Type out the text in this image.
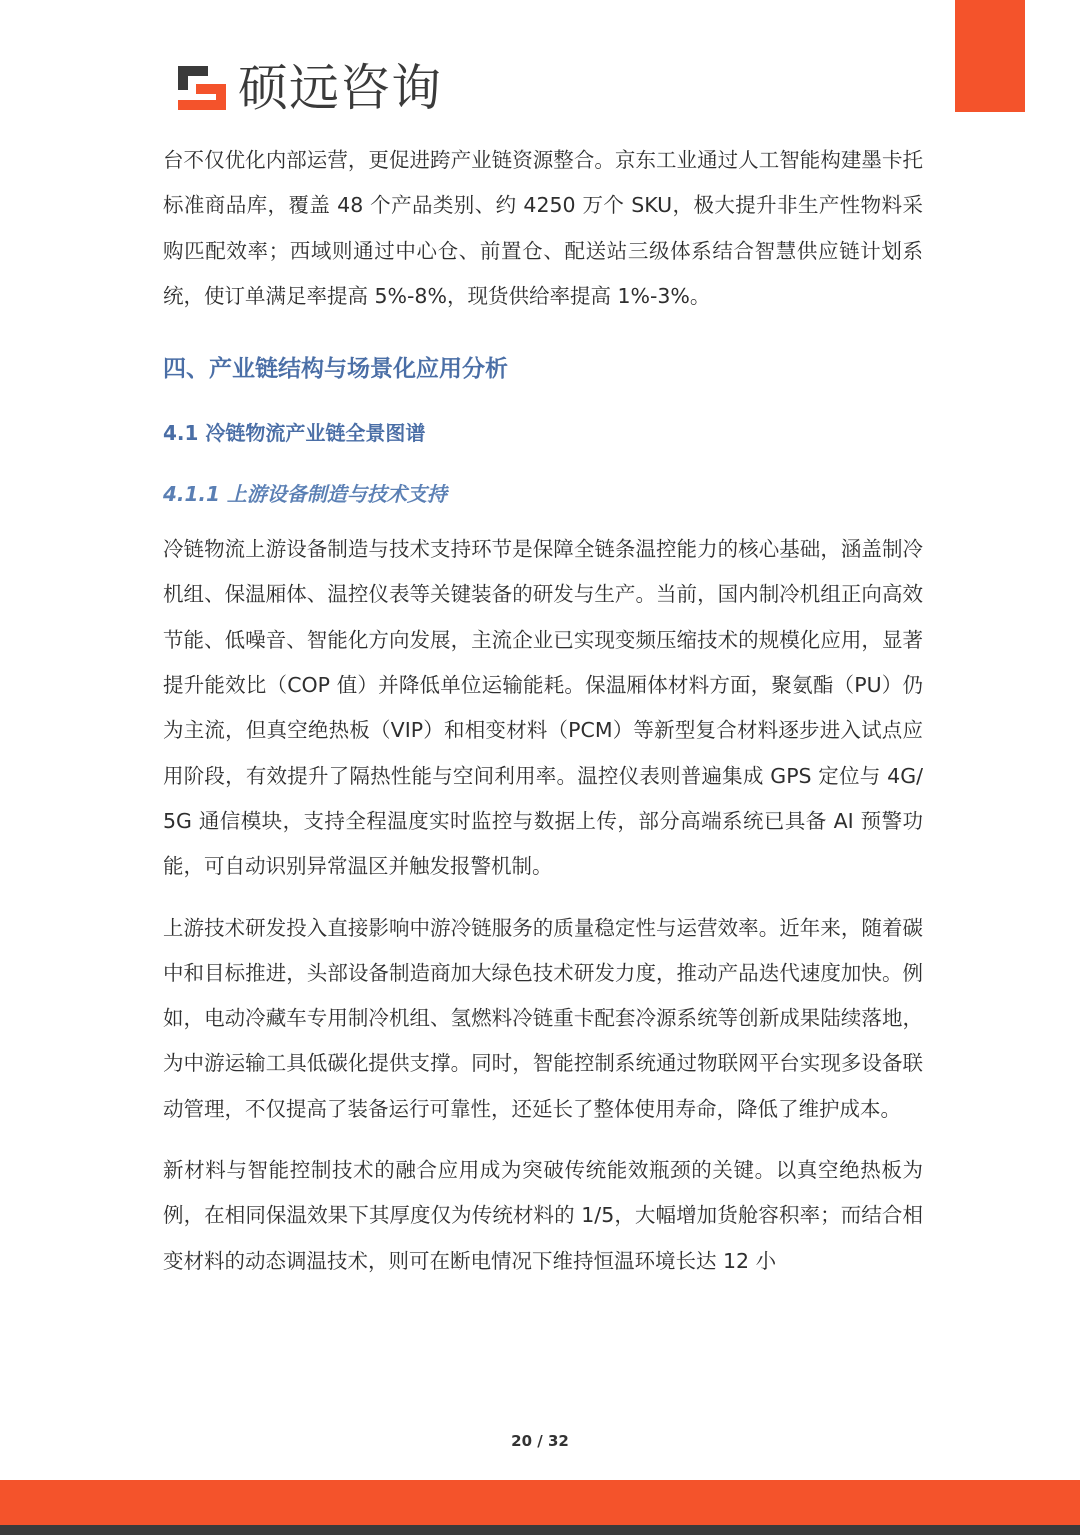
硕远咨询

台不仅优化内部运营，更促进跨产业链资源整合。京东工业通过人工智能构建墨卡托标准商品库，覆盖 48 个产品类别、约 4250 万个 SKU，极大提升非生产性物料采购匹配效率；西域则通过中心仓、前置仓、配送站三级体系结合智慧供应链计划系统，使订单满足率提高 5%-8%，现货供给率提高 1%-3%。

四、产业链结构与场景化应用分析
4.1 冷链物流产业链全景图谱
4.1.1 上游设备制造与技术支持

冷链物流上游设备制造与技术支持环节是保障全链条温控能力的核心基础，涵盖制冷机组、保温厢体、温控仪表等关键装备的研发与生产。当前，国内制冷机组正向高效节能、低噪音、智能化方向发展，主流企业已实现变频压缩技术的规模化应用，显著提升能效比（COP 值）并降低单位运输能耗。保温厢体材料方面，聚氨酯（PU）仍为主流，但真空绝热板（VIP）和相变材料（PCM）等新型复合材料逐步进入试点应用阶段，有效提升了隔热性能与空间利用率。温控仪表则普遍集成 GPS 定位与 4G/5G 通信模块，支持全程温度实时监控与数据上传，部分高端系统已具备 AI 预警功能，可自动识别异常温区并触发报警机制。

上游技术研发投入直接影响中游冷链服务的质量稳定性与运营效率。近年来，随着碳中和目标推进，头部设备制造商加大绿色技术研发力度，推动产品迭代速度加快。例如，电动冷藏车专用制冷机组、氢燃料冷链重卡配套冷源系统等创新成果陆续落地，为中游运输工具低碳化提供支撑。同时，智能控制系统通过物联网平台实现多设备联动管理，不仅提高了装备运行可靠性，还延长了整体使用寿命，降低了维护成本。

新材料与智能控制技术的融合应用成为突破传统能效瓶颈的关键。以真空绝热板为例，在相同保温效果下其厚度仅为传统材料的 1/5，大幅增加货舱容积率；而结合相变材料的动态调温技术，则可在断电情况下维持恒温环境长达 12 小

20 / 32
